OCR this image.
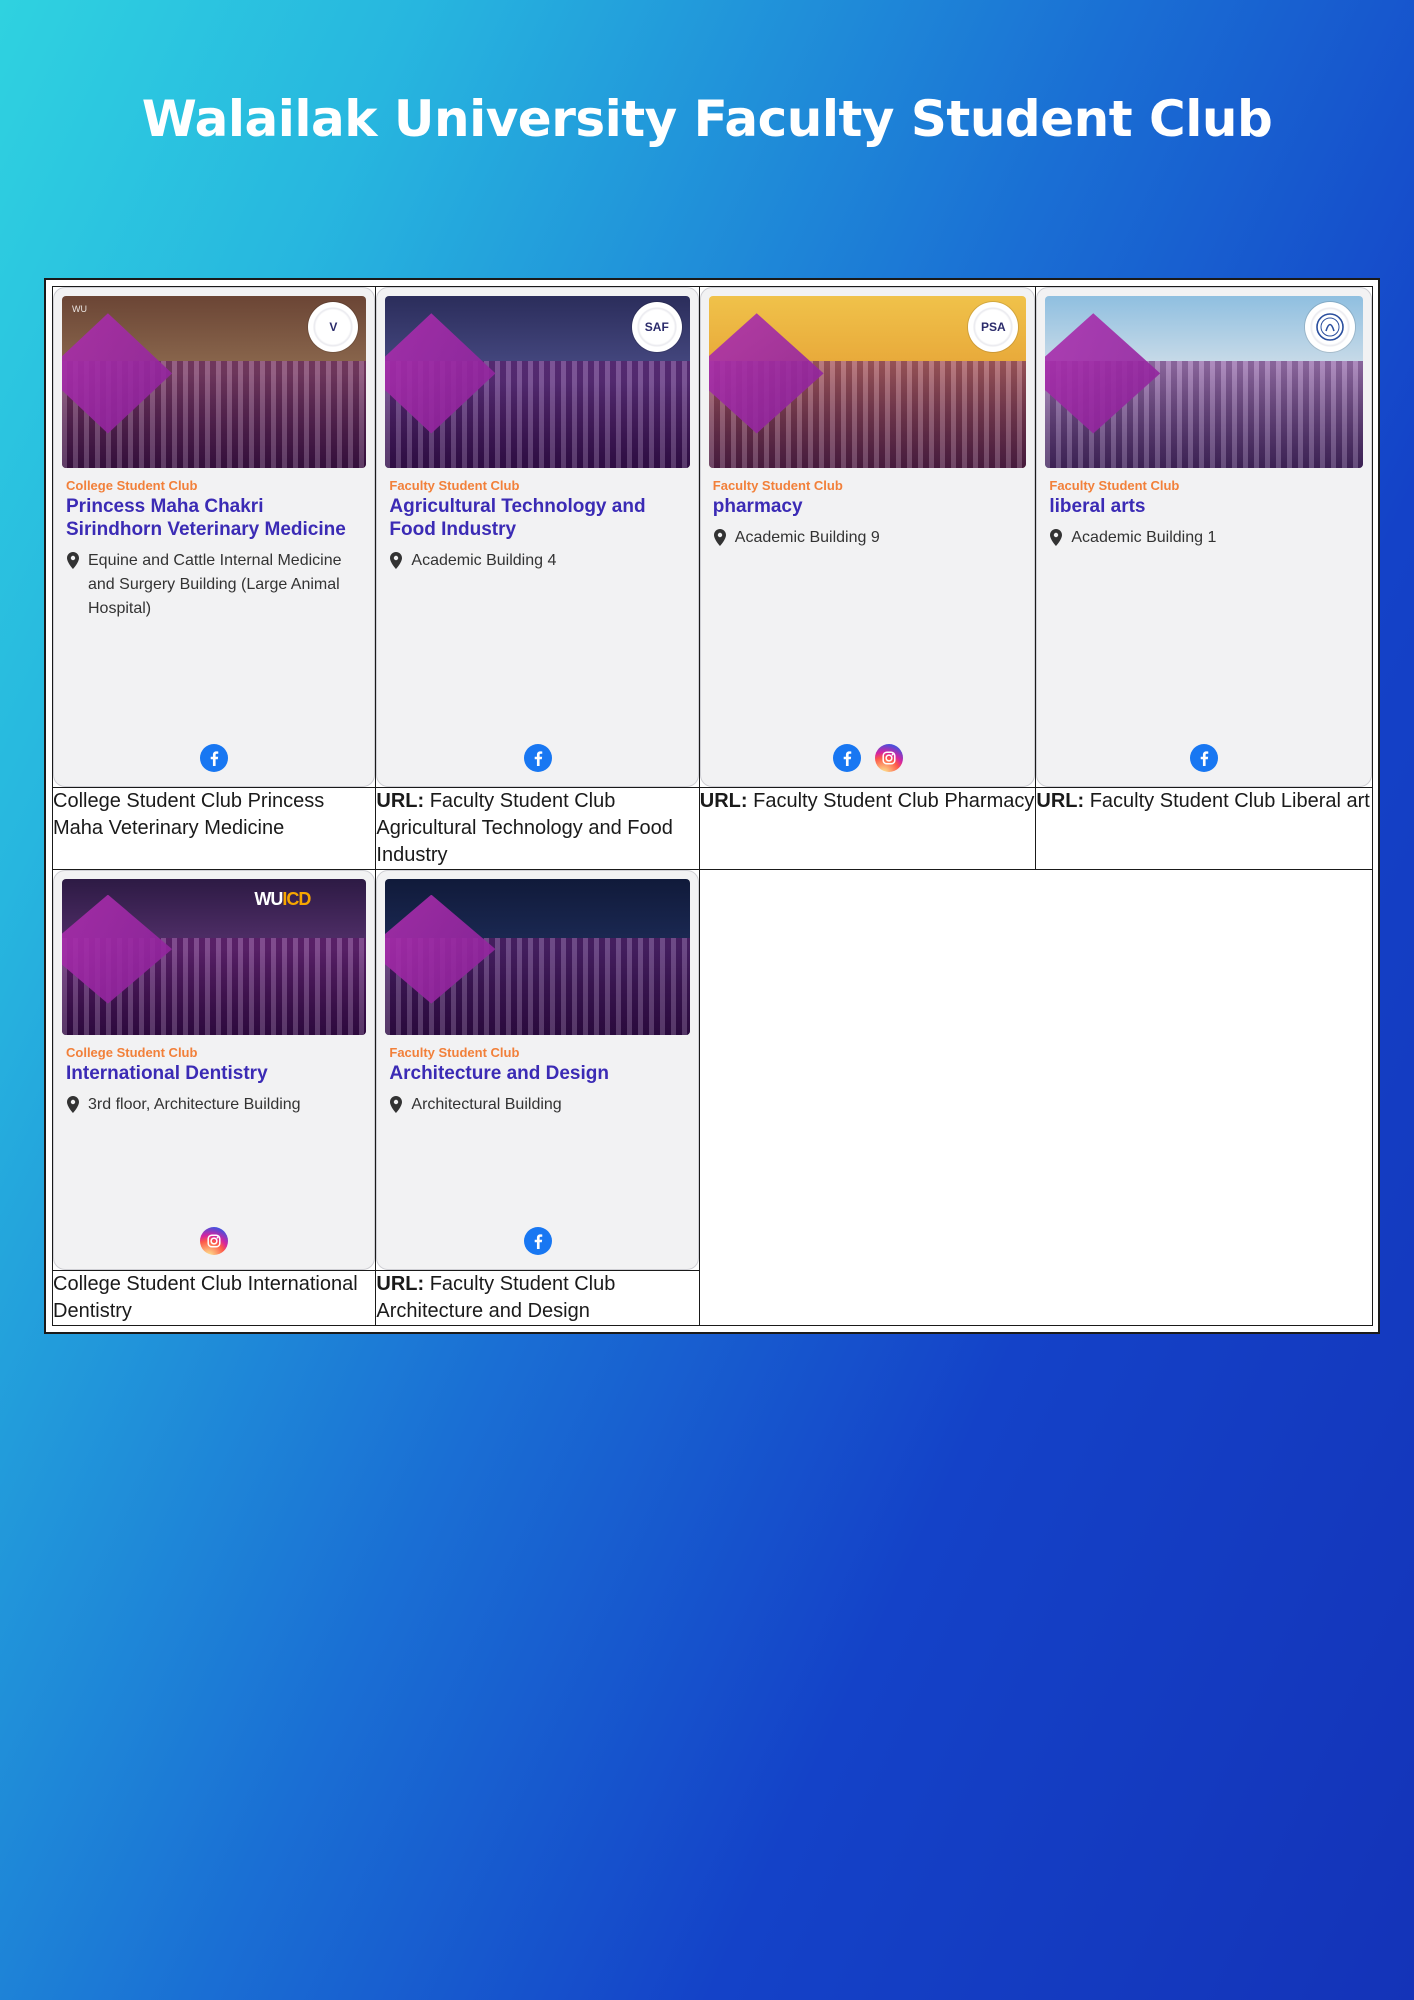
Walailak University Faculty Student Club
WU
V
College Student Club
Princess Maha Chakri Sirindhorn Veterinary Medicine
Equine and Cattle Internal Medicine and Surgery Building (Large Animal Hospital)

SAF
Faculty Student Club
Agricultural Technology and Food Industry
Academic Building 4

PSA
Faculty Student Club
pharmacy
Academic Building 9

Faculty Student Club
liberal arts
Academic Building 1

College Student Club Princess Maha Veterinary Medicine	URL: Faculty Student Club Agricultural Technology and Food Industry	URL: Faculty Student Club Pharmacy	URL: Faculty Student Club Liberal art

WUICD
College Student Club
International Dentistry
3rd floor, Architecture Building

Faculty Student Club
Architecture and Design
Architectural Building

College Student Club International Dentistry	URL: Faculty Student Club Architecture and Design		
